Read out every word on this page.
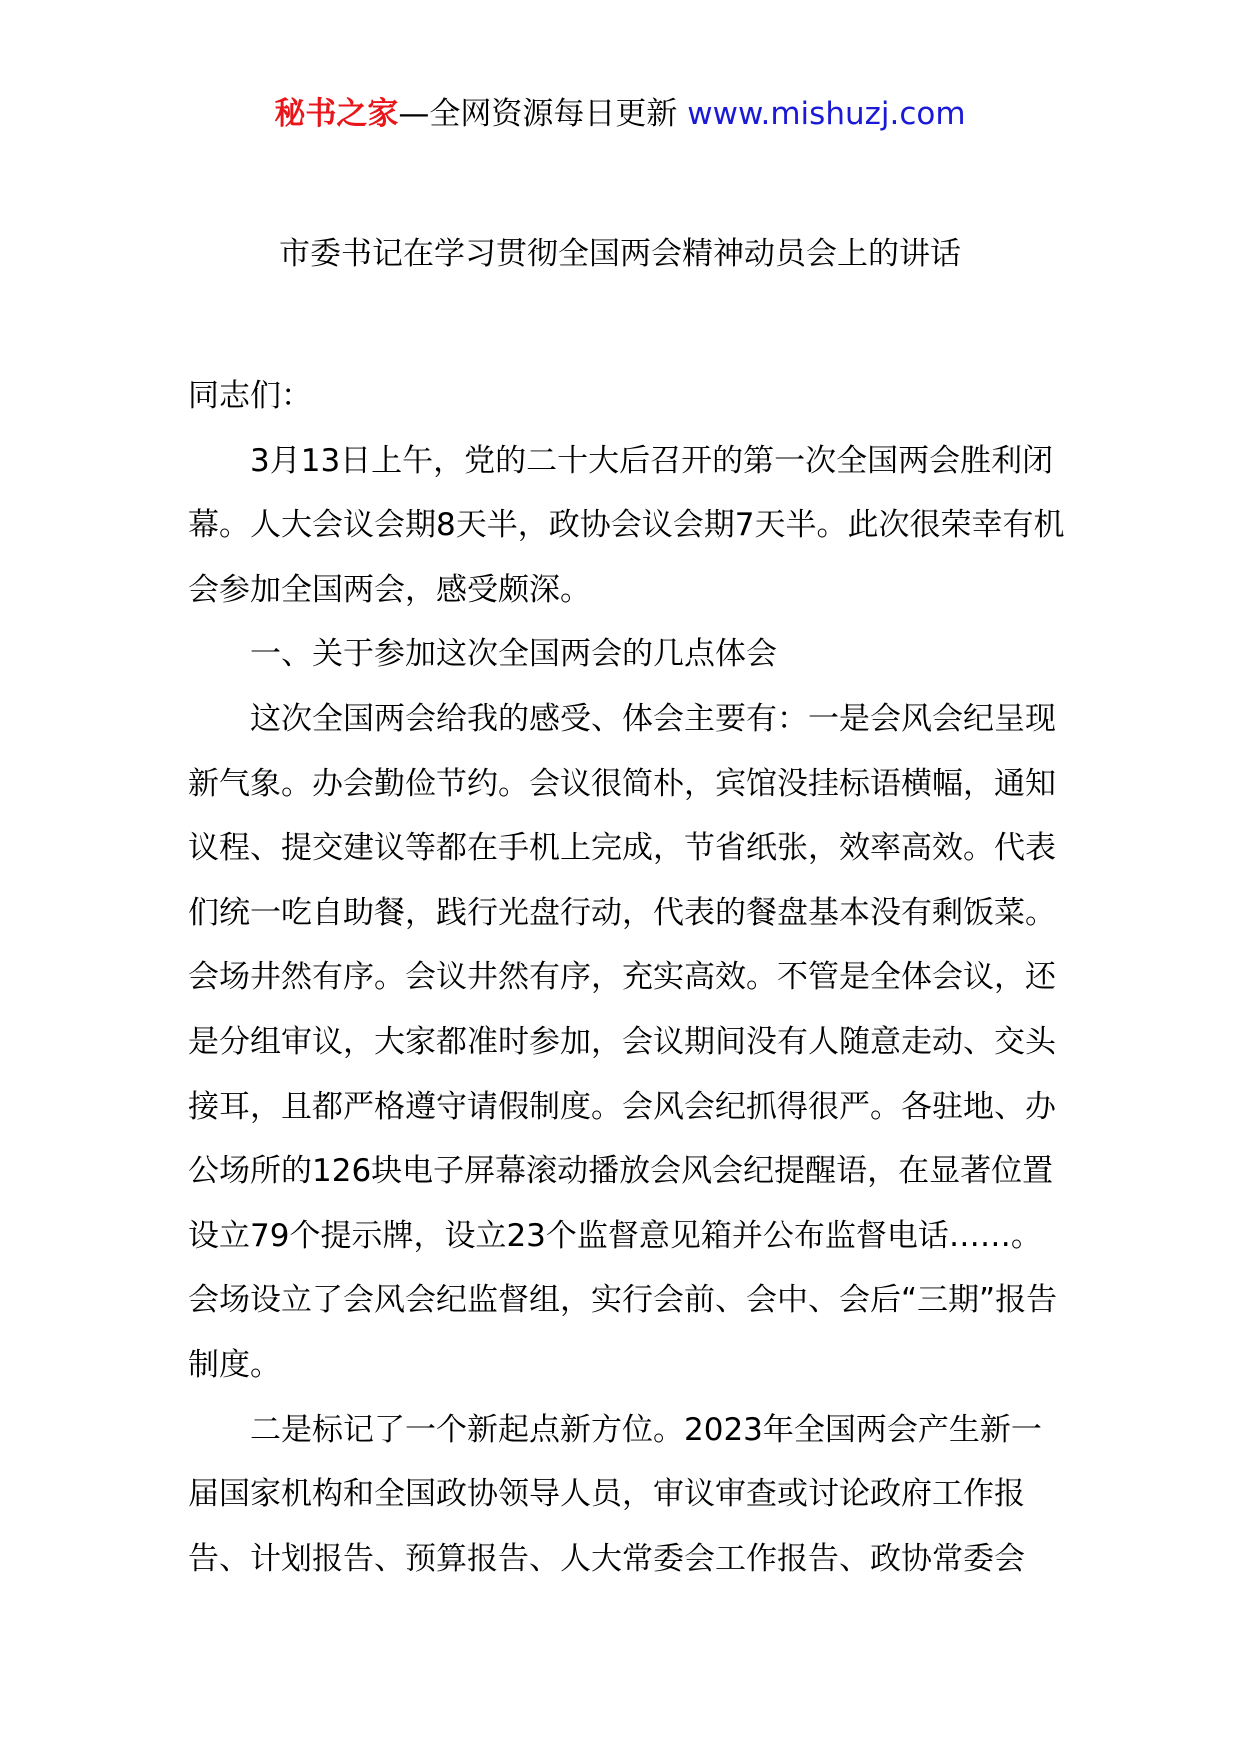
秘书之家—全网资源每日更新 www.mishuzj.com
市委书记在学习贯彻全国两会精神动员会上的讲话

同志们：

3月13日上午，党的二十大后召开的第一次全国两会胜利闭幕。人大会议会期8天半，政协会议会期7天半。此次很荣幸有机会参加全国两会，感受颇深。

一、关于参加这次全国两会的几点体会

这次全国两会给我的感受、体会主要有：一是会风会纪呈现新气象。办会勤俭节约。会议很简朴，宾馆没挂标语横幅，通知议程、提交建议等都在手机上完成，节省纸张，效率高效。代表们统一吃自助餐，践行光盘行动，代表的餐盘基本没有剩饭菜。会场井然有序。会议井然有序，充实高效。不管是全体会议，还是分组审议，大家都准时参加，会议期间没有人随意走动、交头接耳，且都严格遵守请假制度。会风会纪抓得很严。各驻地、办公场所的126块电子屏幕滚动播放会风会纪提醒语，在显著位置设立79个提示牌，设立23个监督意见箱并公布监督电话……。会场设立了会风会纪监督组，实行会前、会中、会后“三期”报告制度。

二是标记了一个新起点新方位。2023年全国两会产生新一届国家机构和全国政协领导人员，审议审查或讨论政府工作报告、计划报告、预算报告、人大常委会工作报告、政协常委会
